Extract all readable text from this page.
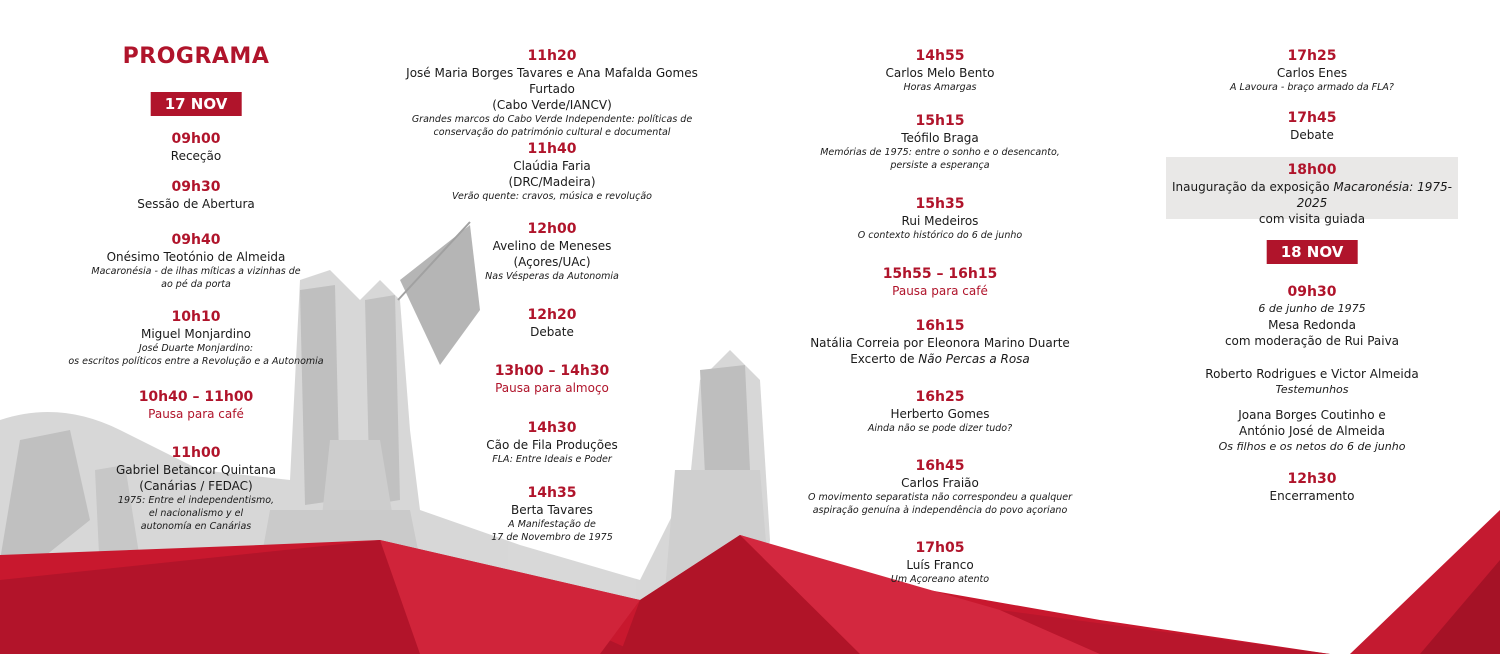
PROGRAMA
17 NOV
09h00
Receção
09h30
Sessão de Abertura
09h40
Onésimo Teotónio de Almeida
Macaronésia - de ilhas míticas a vizinhas de
ao pé da porta
10h10
Miguel Monjardino
José Duarte Monjardino:
os escritos políticos entre a Revolução e a Autonomia
10h40 – 11h00
Pausa para café
11h00
Gabriel Betancor Quintana
(Canárias / FEDAC)
1975: Entre el independentismo,
el nacionalismo y el
autonomía en Canárias
11h20
José Maria Borges Tavares e Ana Mafalda Gomes Furtado
(Cabo Verde/IANCV)
Grandes marcos do Cabo Verde Independente: políticas de
conservação do património cultural e documental
11h40
Claúdia Faria
(DRC/Madeira)
Verão quente: cravos, música e revolução
12h00
Avelino de Meneses
(Açores/UAc)
Nas Vésperas da Autonomia
12h20
Debate
13h00 – 14h30
Pausa para almoço
14h30
Cão de Fila Produções
FLA: Entre Ideais e Poder
14h35
Berta Tavares
A Manifestação de
17 de Novembro de 1975
14h55
Carlos Melo Bento
Horas Amargas
15h15
Teófilo Braga
Memórias de 1975: entre o sonho e o desencanto,
persiste a esperança
15h35
Rui Medeiros
O contexto histórico do 6 de junho
15h55 – 16h15
Pausa para café
16h15
Natália Correia por Eleonora Marino Duarte
Excerto de Não Percas a Rosa
16h25
Herberto Gomes
Ainda não se pode dizer tudo?
16h45
Carlos Fraião
O movimento separatista não correspondeu a qualquer
aspiração genuína à independência do povo açoriano
17h05
Luís Franco
Um Açoreano atento
17h25
Carlos Enes
A Lavoura - braço armado da FLA?
17h45
Debate
18h00
Inauguração da exposição Macaronésia: 1975-2025
com visita guiada
18 NOV
09h30
6 de junho de 1975
Mesa Redonda
com moderação de Rui Paiva
Roberto Rodrigues e Victor Almeida
Testemunhos
Joana Borges Coutinho e
António José de Almeida
Os filhos e os netos do 6 de junho
12h30
Encerramento
